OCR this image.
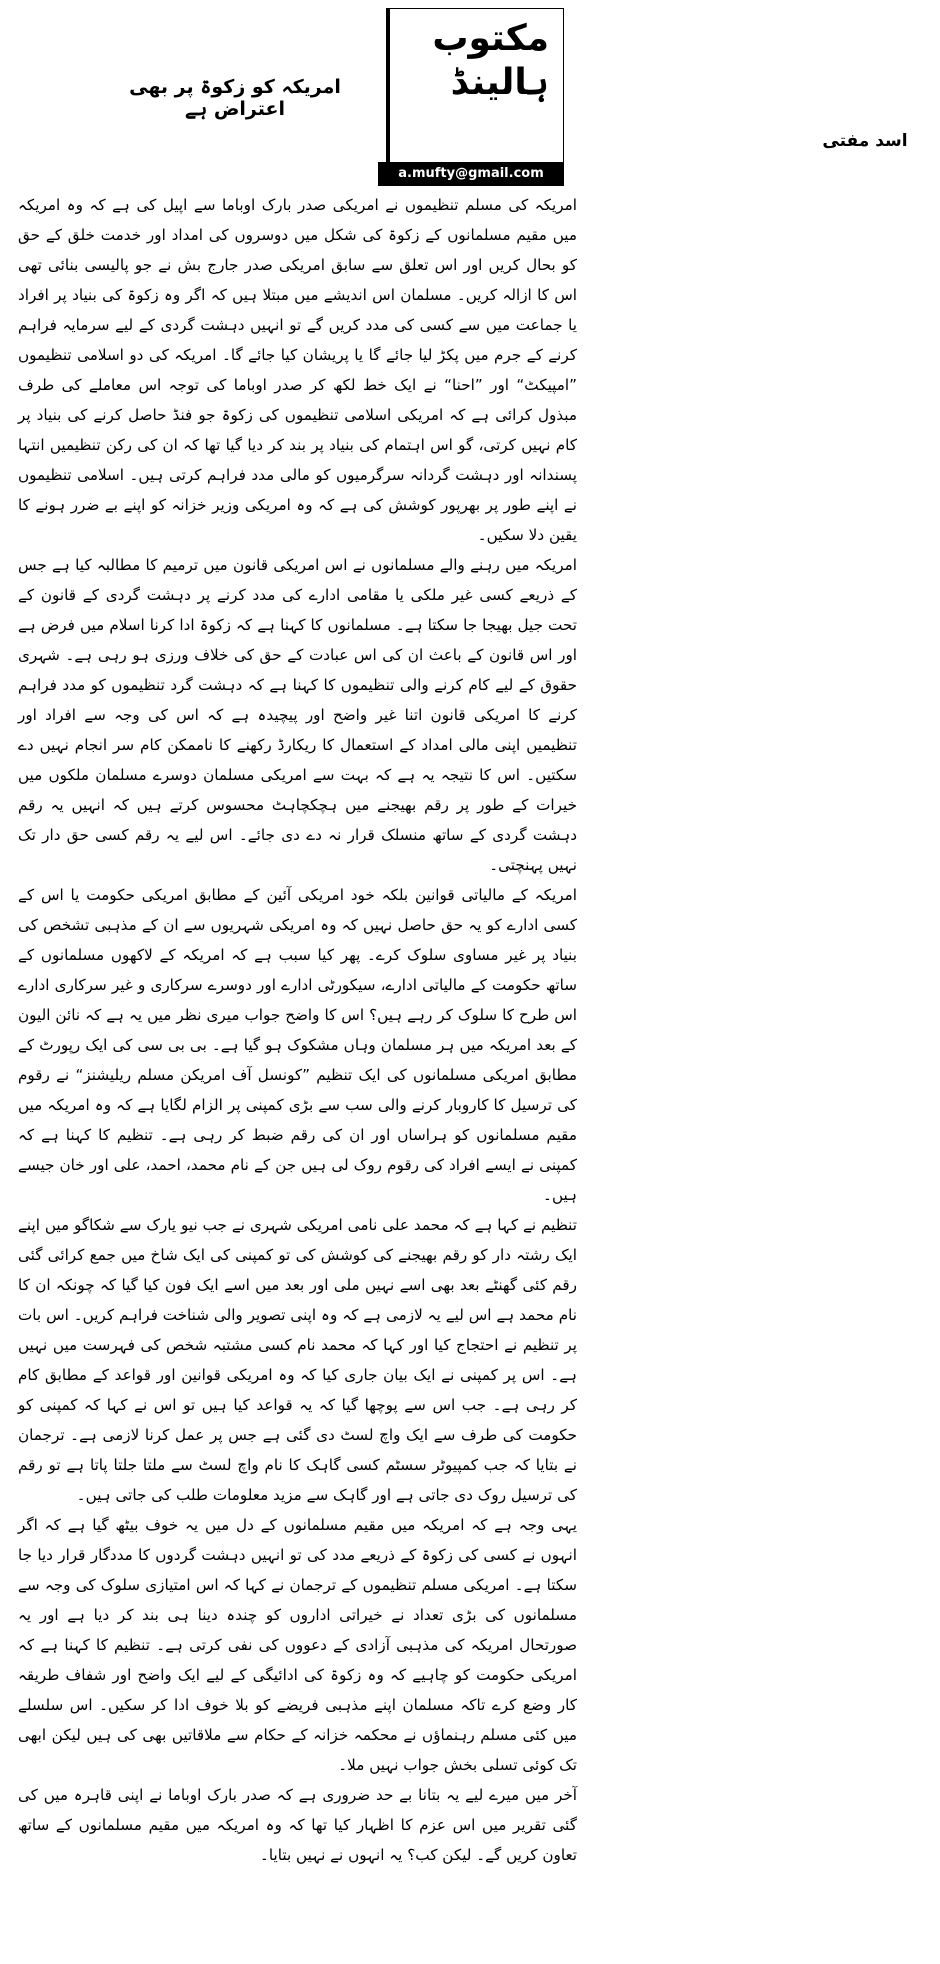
مکتوب
ہالینڈ
اسد مفتی
a.mufty@gmail.com
امریکہ کو زکوۃ پر بھی اعتراض ہے

امریکہ کی مسلم تنظیموں نے امریکی صدر بارک اوباما سے اپیل کی ہے کہ وہ امریکہ میں مقیم مسلمانوں کے زکوۃ کی شکل میں دوسروں کی امداد اور خدمت خلق کے حق کو بحال کریں اور اس تعلق سے سابق امریکی صدر جارج بش نے جو پالیسی بنائی تھی اس کا ازالہ کریں۔ مسلمان اس اندیشے میں مبتلا ہیں کہ اگر وہ زکوۃ کی بنیاد پر افراد یا جماعت میں سے کسی کی مدد کریں گے تو انہیں دہشت گردی کے لیے سرمایہ فراہم کرنے کے جرم میں پکڑ لیا جائے گا یا پریشان کیا جائے گا۔ امریکہ کی دو اسلامی تنظیموں ”امپیکٹ“ اور ”احنا“ نے ایک خط لکھ کر صدر اوباما کی توجہ اس معاملے کی طرف مبذول کرائی ہے کہ امریکی اسلامی تنظیموں کی زکوۃ جو فنڈ حاصل کرنے کی بنیاد پر کام نہیں کرتی، گو اس اہتمام کی بنیاد پر بند کر دیا گیا تھا کہ ان کی رکن تنظیمیں انتہا پسندانہ اور دہشت گردانہ سرگرمیوں کو مالی مدد فراہم کرتی ہیں۔ اسلامی تنظیموں نے اپنے طور پر بھرپور کوشش کی ہے کہ وہ امریکی وزیر خزانہ کو اپنے بے ضرر ہونے کا یقین دلا سکیں۔

امریکہ میں رہنے والے مسلمانوں نے اس امریکی قانون میں ترمیم کا مطالبہ کیا ہے جس کے ذریعے کسی غیر ملکی یا مقامی ادارے کی مدد کرنے پر دہشت گردی کے قانون کے تحت جیل بھیجا جا سکتا ہے۔ مسلمانوں کا کہنا ہے کہ زکوۃ ادا کرنا اسلام میں فرض ہے اور اس قانون کے باعث ان کی اس عبادت کے حق کی خلاف ورزی ہو رہی ہے۔ شہری حقوق کے لیے کام کرنے والی تنظیموں کا کہنا ہے کہ دہشت گرد تنظیموں کو مدد فراہم کرنے کا امریکی قانون اتنا غیر واضح اور پیچیدہ ہے کہ اس کی وجہ سے افراد اور تنظیمیں اپنی مالی امداد کے استعمال کا ریکارڈ رکھنے کا ناممکن کام سر انجام نہیں دے سکتیں۔ اس کا نتیجہ یہ ہے کہ بہت سے امریکی مسلمان دوسرے مسلمان ملکوں میں خیرات کے طور پر رقم بھیجنے میں ہچکچاہٹ محسوس کرتے ہیں کہ انہیں یہ رقم دہشت گردی کے ساتھ منسلک قرار نہ دے دی جائے۔ اس لیے یہ رقم کسی حق دار تک نہیں پہنچتی۔

امریکہ کے مالیاتی قوانین بلکہ خود امریکی آئین کے مطابق امریکی حکومت یا اس کے کسی ادارے کو یہ حق حاصل نہیں کہ وہ امریکی شہریوں سے ان کے مذہبی تشخص کی بنیاد پر غیر مساوی سلوک کرے۔ پھر کیا سبب ہے کہ امریکہ کے لاکھوں مسلمانوں کے ساتھ حکومت کے مالیاتی ادارے، سیکورٹی ادارے اور دوسرے سرکاری و غیر سرکاری ادارے اس طرح کا سلوک کر رہے ہیں؟ اس کا واضح جواب میری نظر میں یہ ہے کہ نائن الیون کے بعد امریکہ میں ہر مسلمان وہاں مشکوک ہو گیا ہے۔ بی بی سی کی ایک رپورٹ کے مطابق امریکی مسلمانوں کی ایک تنظیم ”کونسل آف امریکن مسلم ریلیشنز“ نے رقوم کی ترسیل کا کاروبار کرنے والی سب سے بڑی کمپنی پر الزام لگایا ہے کہ وہ امریکہ میں مقیم مسلمانوں کو ہراساں اور ان کی رقم ضبط کر رہی ہے۔ تنظیم کا کہنا ہے کہ کمپنی نے ایسے افراد کی رقوم روک لی ہیں جن کے نام محمد، احمد، علی اور خان جیسے ہیں۔

تنظیم نے کہا ہے کہ محمد علی نامی امریکی شہری نے جب نیو یارک سے شکاگو میں اپنے ایک رشتہ دار کو رقم بھیجنے کی کوشش کی تو کمپنی کی ایک شاخ میں جمع کرائی گئی رقم کئی گھنٹے بعد بھی اسے نہیں ملی اور بعد میں اسے ایک فون کیا گیا کہ چونکہ ان کا نام محمد ہے اس لیے یہ لازمی ہے کہ وہ اپنی تصویر والی شناخت فراہم کریں۔ اس بات پر تنظیم نے احتجاج کیا اور کہا کہ محمد نام کسی مشتبہ شخص کی فہرست میں نہیں ہے۔ اس پر کمپنی نے ایک بیان جاری کیا کہ وہ امریکی قوانین اور قواعد کے مطابق کام کر رہی ہے۔ جب اس سے پوچھا گیا کہ یہ قواعد کیا ہیں تو اس نے کہا کہ کمپنی کو حکومت کی طرف سے ایک واچ لسٹ دی گئی ہے جس پر عمل کرنا لازمی ہے۔ ترجمان نے بتایا کہ جب کمپیوٹر سسٹم کسی گاہک کا نام واچ لسٹ سے ملتا جلتا پاتا ہے تو رقم کی ترسیل روک دی جاتی ہے اور گاہک سے مزید معلومات طلب کی جاتی ہیں۔

یہی وجہ ہے کہ امریکہ میں مقیم مسلمانوں کے دل میں یہ خوف بیٹھ گیا ہے کہ اگر انہوں نے کسی کی زکوۃ کے ذریعے مدد کی تو انہیں دہشت گردوں کا مددگار قرار دیا جا سکتا ہے۔ امریکی مسلم تنظیموں کے ترجمان نے کہا کہ اس امتیازی سلوک کی وجہ سے مسلمانوں کی بڑی تعداد نے خیراتی اداروں کو چندہ دینا ہی بند کر دیا ہے اور یہ صورتحال امریکہ کی مذہبی آزادی کے دعووں کی نفی کرتی ہے۔ تنظیم کا کہنا ہے کہ امریکی حکومت کو چاہیے کہ وہ زکوۃ کی ادائیگی کے لیے ایک واضح اور شفاف طریقہ کار وضع کرے تاکہ مسلمان اپنے مذہبی فریضے کو بلا خوف ادا کر سکیں۔ اس سلسلے میں کئی مسلم رہنماؤں نے محکمہ خزانہ کے حکام سے ملاقاتیں بھی کی ہیں لیکن ابھی تک کوئی تسلی بخش جواب نہیں ملا۔

آخر میں میرے لیے یہ بتانا بے حد ضروری ہے کہ صدر بارک اوباما نے اپنی قاہرہ میں کی گئی تقریر میں اس عزم کا اظہار کیا تھا کہ وہ امریکہ میں مقیم مسلمانوں کے ساتھ تعاون کریں گے۔ لیکن کب؟ یہ انہوں نے نہیں بتایا۔
